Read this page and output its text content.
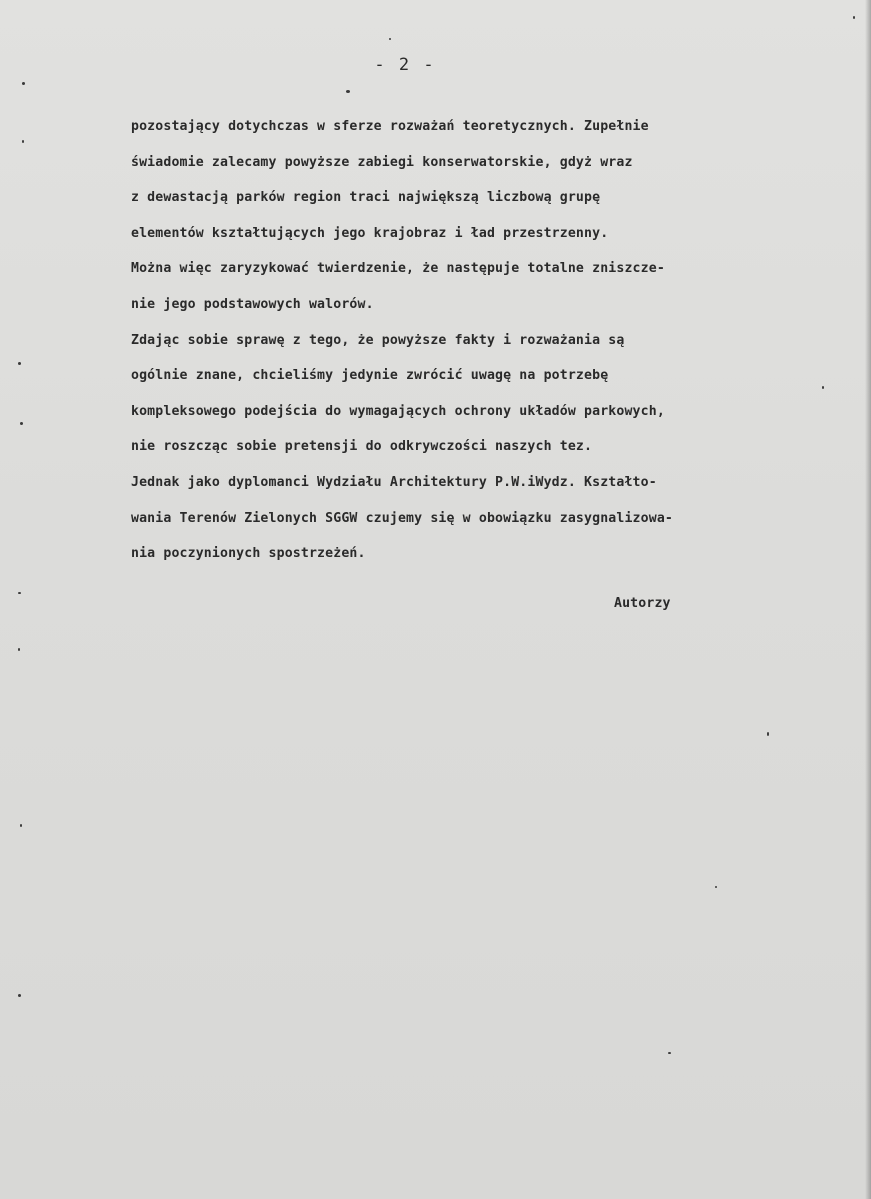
- 2 -
pozostający dotychczas w sferze rozważań teoretycznych. Zupełnie
świadomie zalecamy powyższe zabiegi konserwatorskie, gdyż wraz
z dewastacją parków region traci największą liczbową grupę
elementów kształtujących jego krajobraz i ład przestrzenny.
Można więc zaryzykować twierdzenie, że następuje totalne zniszcze-
nie jego podstawowych walorów.
Zdając sobie sprawę z tego, że powyższe fakty i rozważania są
ogólnie znane, chcieliśmy jedynie zwrócić uwagę na potrzebę
kompleksowego podejścia do wymagających ochrony układów parkowych,
nie roszcząc sobie pretensji do odkrywczości naszych tez.
Jednak jako dyplomanci Wydziału Architektury P.W.iWydz. Kształto-
wania Terenów Zielonych SGGW czujemy się w obowiązku zasygnalizowa-
nia poczynionych spostrzeżeń.
Autorzy
